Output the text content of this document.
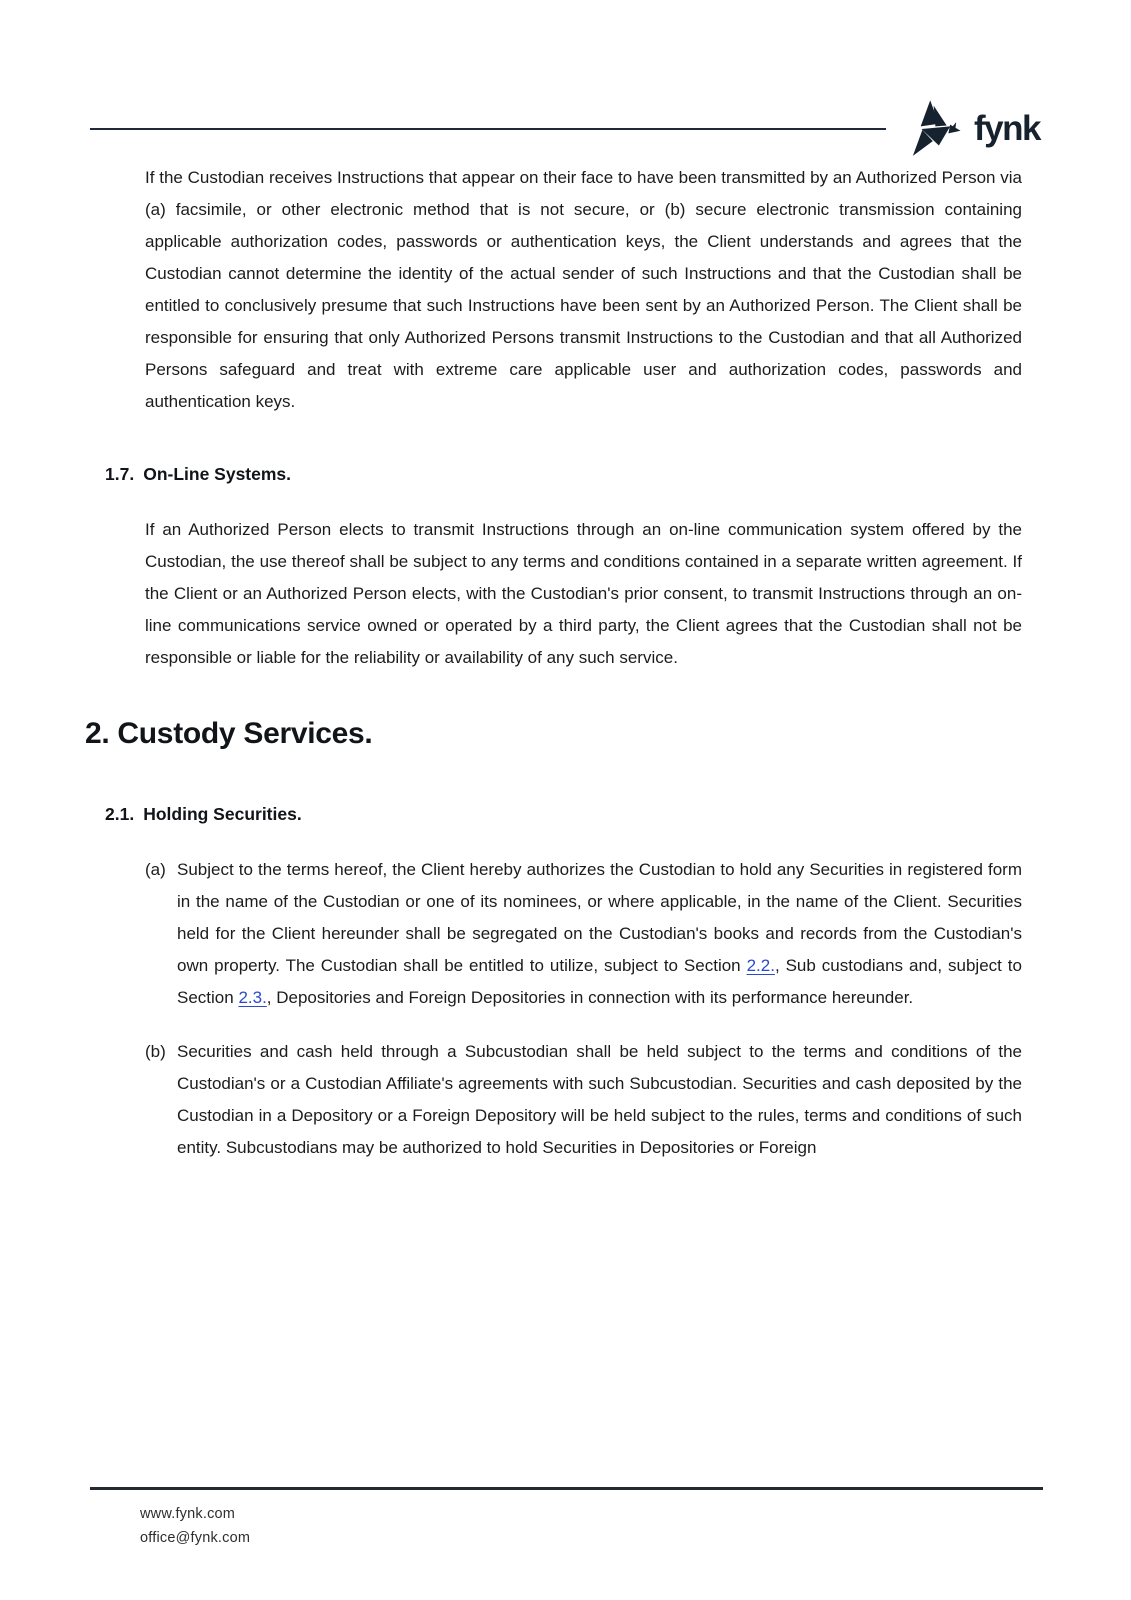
fynk

If the Custodian receives Instructions that appear on their face to have been transmitted by an Authorized Person via (a) facsimile, or other electronic method that is not secure, or (b) secure electronic transmission containing applicable authorization codes, passwords or authentication keys, the Client understands and agrees that the Custodian cannot determine the identity of the actual sender of such Instructions and that the Custodian shall be entitled to conclusively presume that such Instructions have been sent by an Authorized Person. The Client shall be responsible for ensuring that only Authorized Persons transmit Instructions to the Custodian and that all Authorized Persons safeguard and treat with extreme care applicable user and authorization codes, passwords and authentication keys.

1.7. On-Line Systems.

If an Authorized Person elects to transmit Instructions through an on-line communication system offered by the Custodian, the use thereof shall be subject to any terms and conditions contained in a separate written agreement. If the Client or an Authorized Person elects, with the Custodian's prior consent, to transmit Instructions through an on-line communications service owned or operated by a third party, the Client agrees that the Custodian shall not be responsible or liable for the reliability or availability of any such service.

2. Custody Services.
2.1. Holding Securities.
(a) Subject to the terms hereof, the Client hereby authorizes the Custodian to hold any Securities in registered form in the name of the Custodian or one of its nominees, or where applicable, in the name of the Client. Securities held for the Client hereunder shall be segregated on the Custodian's books and records from the Custodian's own property. The Custodian shall be entitled to utilize, subject to Section 2.2., Sub custodians and, subject to Section 2.3., Depositories and Foreign Depositories in connection with its performance hereunder.
(b) Securities and cash held through a Subcustodian shall be held subject to the terms and conditions of the Custodian's or a Custodian Affiliate's agreements with such Subcustodian. Securities and cash deposited by the Custodian in a Depository or a Foreign Depository will be held subject to the rules, terms and conditions of such entity. Subcustodians may be authorized to hold Securities in Depositories or Foreign
www.fynk.com
office@fynk.com
